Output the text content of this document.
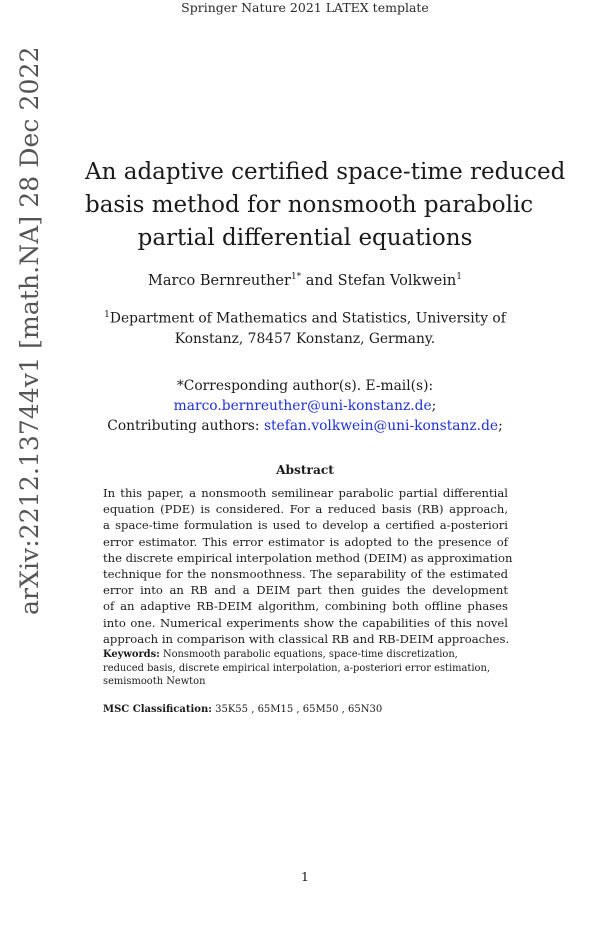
Springer Nature 2021 LATEX template
arXiv:2212.13744v1 [math.NA] 28 Dec 2022 An adaptive certified space-time reduced
basis method for nonsmooth parabolic
partial differential equations
Marco Bernreuther$^{1*}$ and Stefan Volkwein$^1$
$^1$Department of Mathematics and Statistics, University of
Konstanz, 78457 Konstanz, Germany.
*Corresponding author(s). E-mail(s):
marco.bernreuther@uni-konstanz.de;
Contributing authors: stefan.volkwein@uni-konstanz.de;
Abstract
In this paper, a nonsmooth semilinear parabolic partial differential
equation (PDE) is considered. For a reduced basis (RB) approach,
a space-time formulation is used to develop a certified a-posteriori
error estimator. This error estimator is adopted to the presence of
the discrete empirical interpolation method (DEIM) as approximation
technique for the nonsmoothness. The separability of the estimated
error into an RB and a DEIM part then guides the development
of an adaptive RB-DEIM algorithm, combining both offline phases
into one. Numerical experiments show the capabilities of this novel
approach in comparison with classical RB and RB-DEIM approaches.
Keywords: Nonsmooth parabolic equations, space-time discretization,
reduced basis, discrete empirical interpolation, a-posteriori error estimation,
semismooth Newton
MSC Classification: 35K55 , 65M15 , 65M50 , 65N30
1
